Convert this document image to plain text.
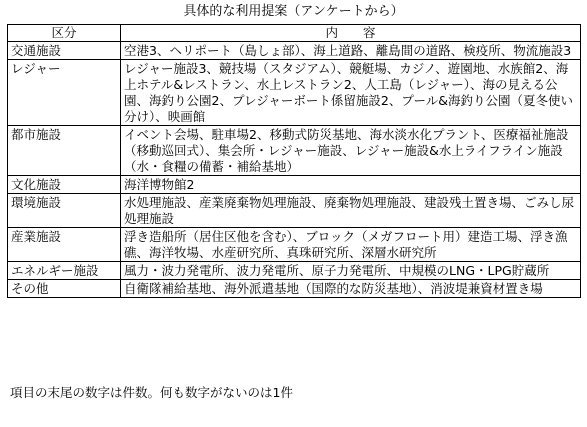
具体的な利用提案（アンケートから）
区分	内　　容
交通施設	空港3、ヘリポート（島しょ部）、海上道路、離島間の道路、検疫所、物流施設3
レジャー	レジャー施設3、競技場（スタジアム）、競艇場、カジノ、遊園地、水族館2、海上ホテル&レストラン、水上レストラン2、人工島（レジャー）、海の見える公園、海釣り公園2、プレジャーボート係留施設2、プール&海釣り公園（夏冬使い分け）、映画館
都市施設	イベント会場、駐車場2、移動式防災基地、海水淡水化プラント、医療福祉施設（移動巡回式）、集会所・レジャー施設、レジャー施設&水上ライフライン施設（水・食糧の備蓄・補給基地）
文化施設	海洋博物館2
環境施設	水処理施設、産業廃棄物処理施設、廃棄物処理施設、建設残土置き場、ごみし尿処理施設
産業施設	浮き造船所（居住区他を含む）、ブロック（メガフロート用）建造工場、浮き漁礁、海洋牧場、水産研究所、真珠研究所、深層水研究所
エネルギー施設	風力・波力発電所、波力発電所、原子力発電所、中規模のLNG・LPG貯蔵所
その他	自衛隊補給基地、海外派遣基地（国際的な防災基地）、消波堤兼資材置き場
項目の末尾の数字は件数。何も数字がないのは1件
